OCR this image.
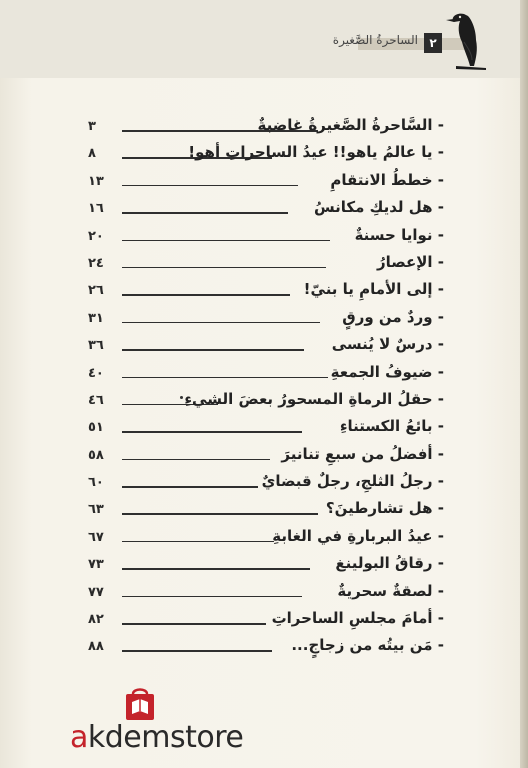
الساحرةُ الصَّغيرة ٢
٣	- السَّاحرةُ الصَّغيرةُ غاضبةٌ
٨	- يا عالمُ ياهو!! عيدُ الساحراتِ أهو!
١٣	- خططُ الانتقامِ
١٦	- هل لديكِ مكانسُ
٢٠	- نوايا حسنةٌ
٢٤	- الإعصارُ
٢٦	- إلى الأمامِ يا بنيّ!
٣١	- وردٌ من ورقٍ
٣٦	- درسٌ لا يُنسى
٤٠	- ضيوفُ الجمعةِ
٤٦	- حقلُ الرماةِ المسحورُ بعضَ الشيءِ
٥١	- بائعُ الكستناءِ
٥٨	- أفضلُ من سبعِ تنانيرَ
٦٠	- رجلُ الثلجِ، رجلٌ قبضايٌ
٦٣	- هل تشارطينَ؟
٦٧	- عيدُ البربارةِ في الغابةِ
٧٣	- رقاقُ البولينغ
٧٧	- لصقةٌ سحريةٌ
٨٢	- أمامَ مجلسِ الساحراتِ
٨٨	- مَن بيتُه من زجاجٍ...
akdemstore
